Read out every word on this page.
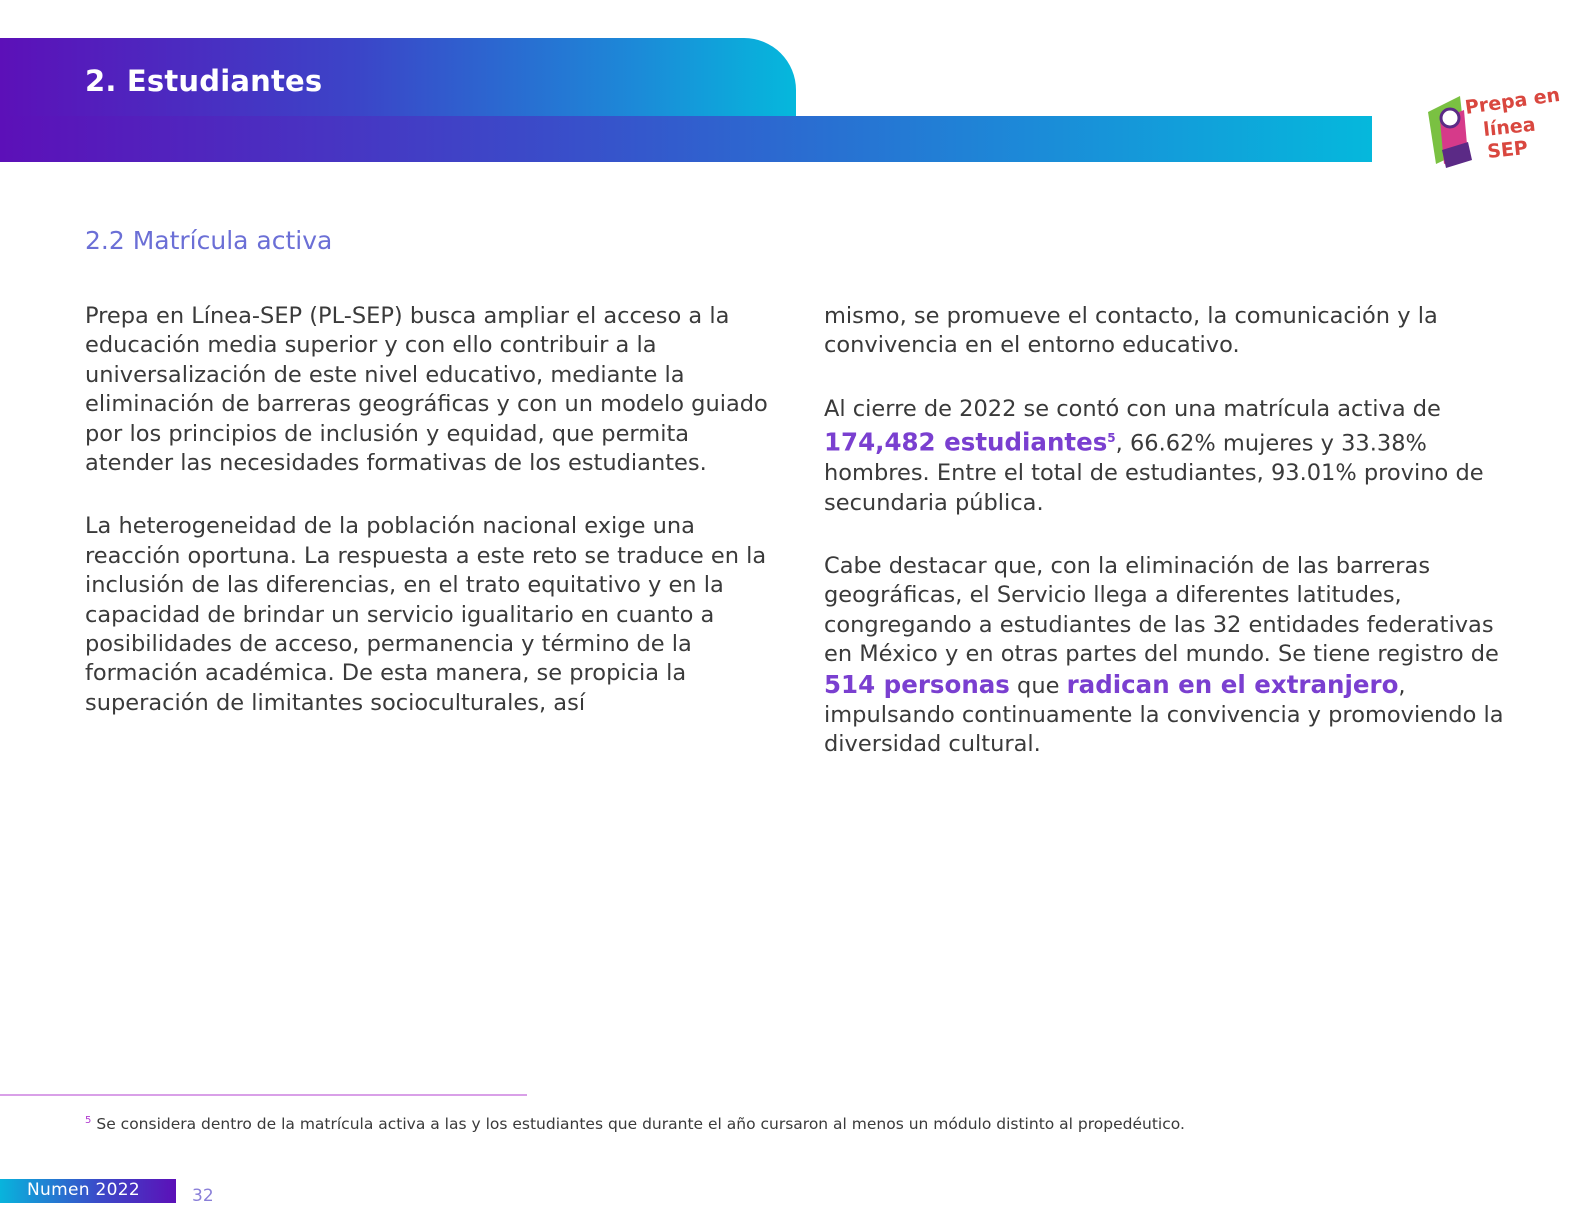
2. Estudiantes
Prepa en
línea
SEP
2.2 Matrícula activa

Prepa en Línea-SEP (PL-SEP) busca ampliar el acceso a la educación media superior y con ello contribuir a la universalización de este nivel educativo, mediante la eliminación de barreras geográficas y con un modelo guiado por los principios de inclusión y equidad, que permita atender las necesidades formativas de los estudiantes.

La heterogeneidad de la población nacional exige una reacción oportuna. La respuesta a este reto se traduce en la inclusión de las diferencias, en el trato equitativo y en la capacidad de brindar un servicio igualitario en cuanto a posibilidades de acceso, permanencia y término de la formación académica. De esta manera, se propicia la superación de limitantes socioculturales, así

mismo, se promueve el contacto, la comunicación y la convivencia en el entorno educativo.

Al cierre de 2022 se contó con una matrícula activa de 174,482 estudiantes$^5$, 66.62% mujeres y 33.38% hombres. Entre el total de estudiantes, 93.01% provino de secundaria pública.

Cabe destacar que, con la eliminación de las barreras geográficas, el Servicio llega a diferentes latitudes, congregando a estudiantes de las 32 entidades federativas en México y en otras partes del mundo. Se tiene registro de 514 personas que radican en el extranjero, impulsando continuamente la convivencia y promoviendo la diversidad cultural.

$^5$ Se considera dentro de la matrícula activa a las y los estudiantes que durante el año cursaron al menos un módulo distinto al propedéutico.
Numen 2022	32
